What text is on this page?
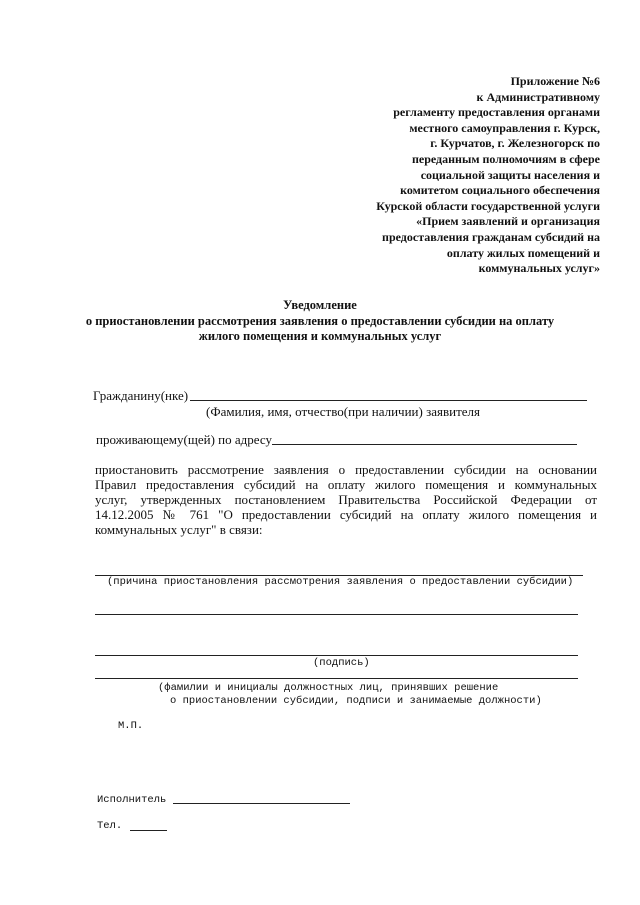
Приложение №6
к Административному
регламенту предоставления органами
местного самоуправления г. Курск,
г. Курчатов, г. Железногорск по
переданным полномочиям в сфере
социальной защиты населения и
комитетом социального обеспечения
Курской области государственной услуги
«Прием заявлений и организация
предоставления гражданам субсидий на
оплату жилых помещений и
коммунальных услуг»
Уведомление
о приостановлении рассмотрения заявления о предоставлении субсидии на оплату
жилого помещения и коммунальных услуг
Гражданину(нке)
(Фамилия, имя, отчество(при наличии) заявителя
проживающему(щей) по адресу
приостановить рассмотрение заявления о предоставлении субсидии на основании
Правил предоставления субсидий на оплату жилого помещения и коммунальных
услуг, утвержденных постановлением Правительства Российской Федерации от
14.12.2005 № 761 "О предоставлении субсидий на оплату жилого помещения и
коммунальных услуг" в связи:
(причина приостановления рассмотрения заявления о предоставлении субсидии)
(подпись)
(фамилии и инициалы должностных лиц, принявших решение
о приостановлении субсидии, подписи и занимаемые должности)
М.П.
Исполнитель
Тел.
